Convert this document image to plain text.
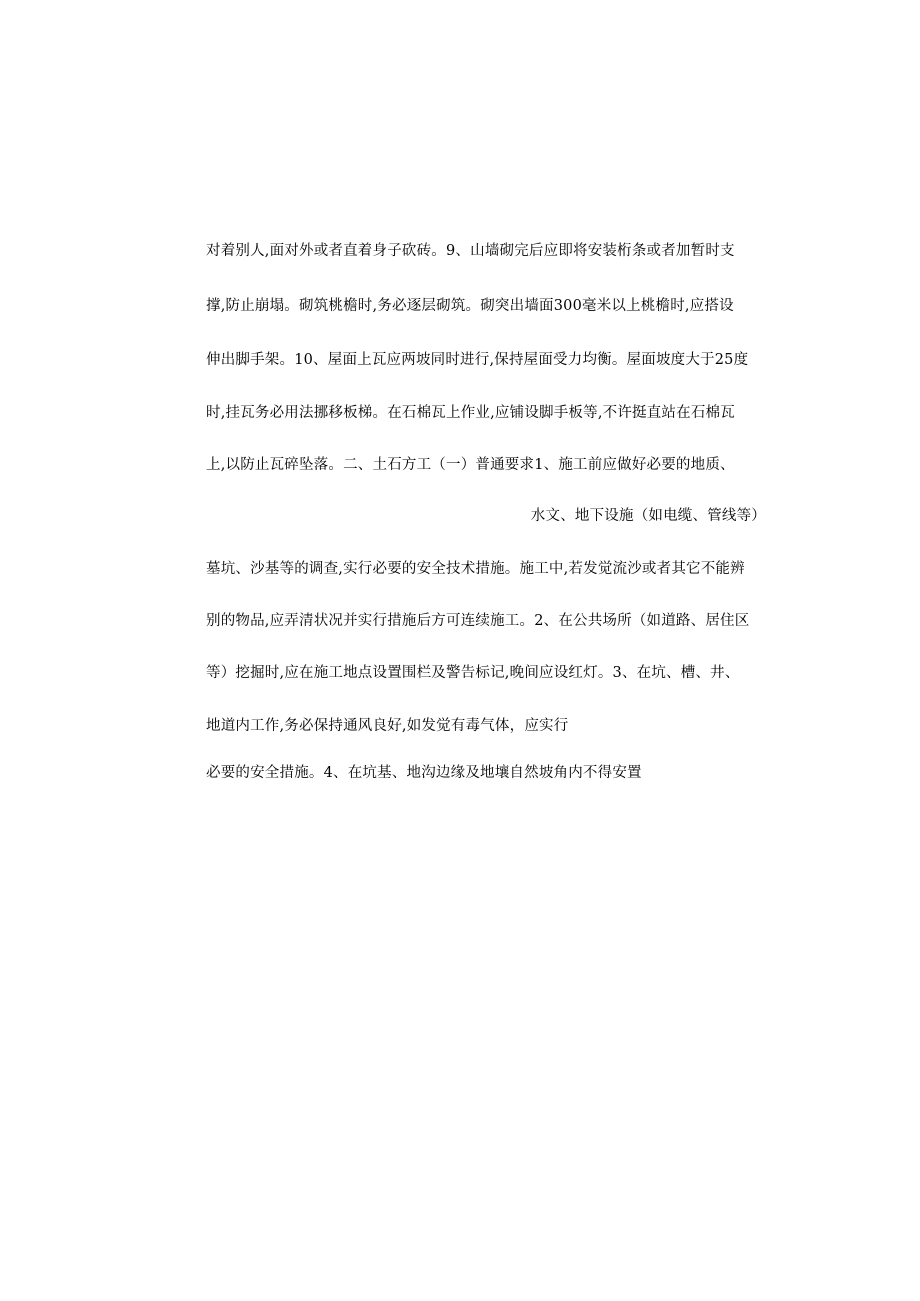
对着别人,面对外或者直着身子砍砖。9、山墙砌完后应即将安装桁条或者加暂时支
撑,防止崩塌。砌筑桃檐时,务必逐层砌筑。砌突出墙面300毫米以上桃檐时,应搭设
伸出脚手架。10、屋面上瓦应两坡同时进行,保持屋面受力均衡。屋面坡度大于25度
时,挂瓦务必用法挪移板梯。在石棉瓦上作业,应铺设脚手板等,不许挺直站在石棉瓦
上,以防止瓦碎坠落。二、土石方工（一）普通要求1、施工前应做好必要的地质、
水文、地下设施（如电缆、管线等）
墓坑、沙基等的调查,实行必要的安全技术措施。施工中,若发觉流沙或者其它不能辨
别的物品,应弄清状况并实行措施后方可连续施工。2、在公共场所（如道路、居住区
等）挖掘时,应在施工地点设置围栏及警告标记,晚间应设红灯。3、在坑、槽、井、
地道内工作,务必保持通风良好,如发觉有毒气体，应实行
必要的安全措施。4、在坑基、地沟边缘及地壤自然坡角内不得安置
